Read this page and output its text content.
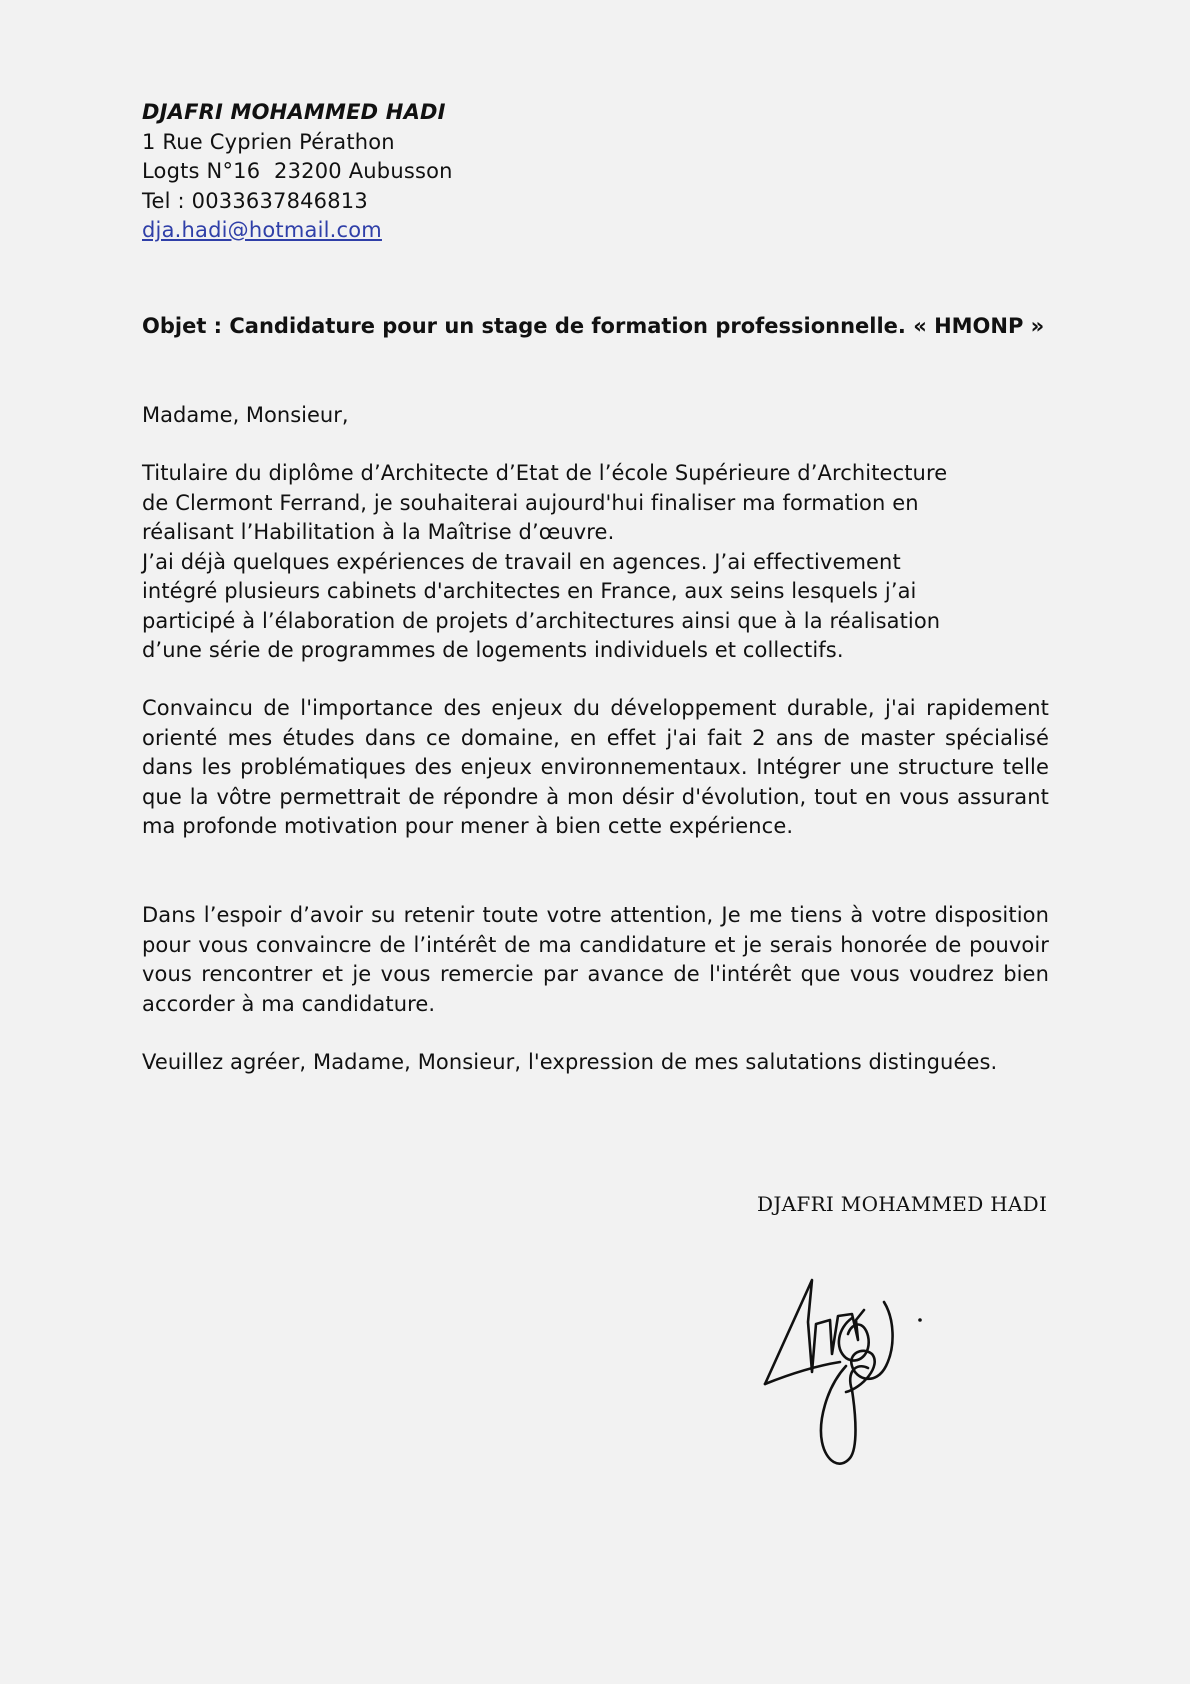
DJAFRI MOHAMMED HADI
1 Rue Cyprien Pérathon
Logts N°16  23200 Aubusson
Tel : 0033637846813
dja.hadi@hotmail.com
Objet : Candidature pour un stage de formation professionnelle. « HMONP »
Madame, Monsieur,
Titulaire du diplôme d’Architecte d’Etat de l’école Supérieure d’Architecture
de Clermont Ferrand, je souhaiterai aujourd'hui finaliser ma formation en
réalisant l’Habilitation à la Maîtrise d’œuvre.
J’ai déjà quelques expériences de travail en agences. J’ai effectivement
intégré plusieurs cabinets d'architectes en France, aux seins lesquels j’ai
participé à l’élaboration de projets d’architectures ainsi que à la réalisation
d’une série de programmes de logements individuels et collectifs.
Convaincu de l'importance des enjeux du développement durable, j'ai rapidement orienté mes études dans ce domaine, en effet j'ai fait 2 ans de master spécialisé dans les problématiques des enjeux environnementaux. Intégrer une structure telle que la vôtre permettrait de répondre à mon désir d'évolution, tout en vous assurant ma profonde motivation pour mener à bien cette expérience.
Dans l’espoir d’avoir su retenir toute votre attention, Je me tiens à votre disposition pour vous convaincre de l’intérêt de ma candidature et je serais honorée de pouvoir vous rencontrer et je vous remercie par avance de l'intérêt que vous voudrez bien accorder à ma candidature.
Veuillez agréer, Madame, Monsieur, l'expression de mes salutations distinguées.
DJAFRI MOHAMMED HADI
